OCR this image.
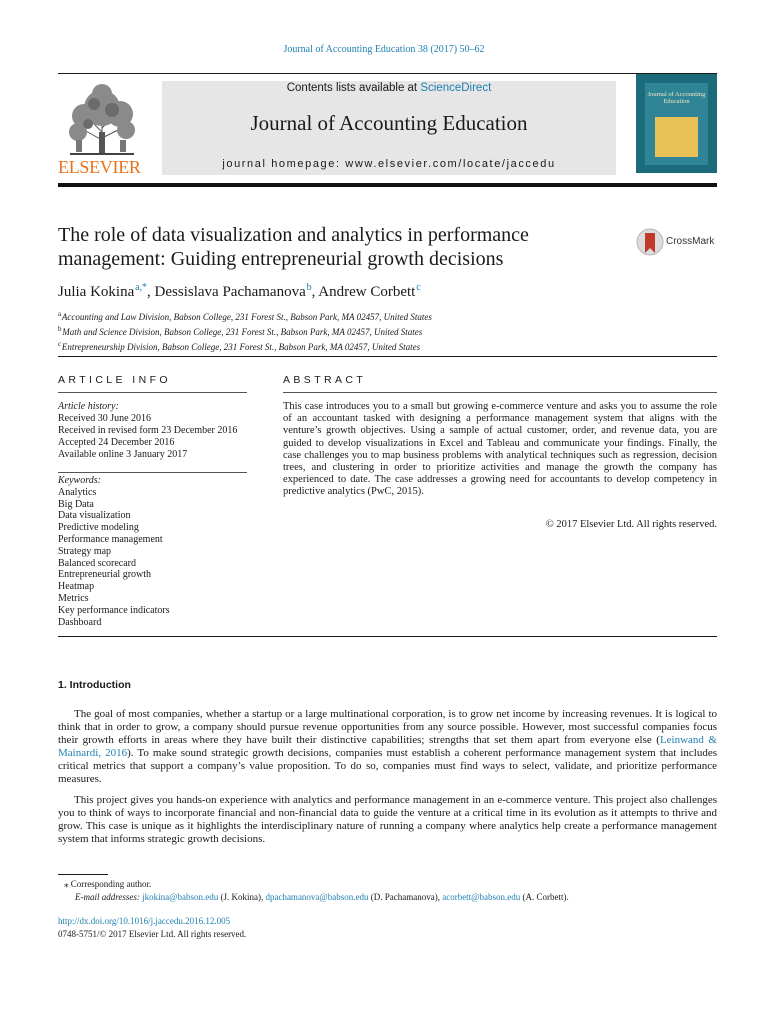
Journal of Accounting Education 38 (2017) 50–62
ELSEVIER
Contents lists available at ScienceDirect
Journal of Accounting Education
journal homepage: www.elsevier.com/locate/jaccedu
Journal of Accounting Education
The role of data visualization and analytics in performance
management: Guiding entrepreneurial growth decisions
CrossMark
Julia Kokina $^{a,*}$, Dessislava Pachamanova $^b$, Andrew Corbett $^c$
$^a$ Accounting and Law Division, Babson College, 231 Forest St., Babson Park, MA 02457, United States
$^b$ Math and Science Division, Babson College, 231 Forest St., Babson Park, MA 02457, United States
$^c$ Entrepreneurship Division, Babson College, 231 Forest St., Babson Park, MA 02457, United States
ARTICLE INFO
Article history:
Received 30 June 2016
Received in revised form 23 December 2016
Accepted 24 December 2016
Available online 3 January 2017
Keywords:
Analytics
Big Data
Data visualization
Predictive modeling
Performance management
Strategy map
Balanced scorecard
Entrepreneurial growth
Heatmap
Metrics
Key performance indicators
Dashboard
ABSTRACT
This case introduces you to a small but growing e-commerce venture and asks you to assume the role of an accountant tasked with designing a performance management system that aligns with the venture’s growth objectives. Using a sample of actual customer, order, and revenue data, you are guided to develop visualizations in Excel and Tableau and communicate your findings. Finally, the case challenges you to map business problems with analytical techniques such as regression, decision trees, and clustering in order to prioritize activities and manage the growth the company has experienced to date. The case addresses a growing need for accountants to develop competency in predictive analytics (PwC, 2015).
© 2017 Elsevier Ltd. All rights reserved.
1. Introduction
The goal of most companies, whether a startup or a large multinational corporation, is to grow net income by increasing revenues. It is logical to think that in order to grow, a company should pursue revenue opportunities from any source possible. However, most successful companies focus their growth efforts in areas where they have built their distinctive capabilities; strengths that set them apart from everyone else (Leinwand & Mainardi, 2016). To make sound strategic growth decisions, companies must establish a coherent performance management system that includes critical metrics that support a company’s value proposition. To do so, companies must find ways to select, validate, and prioritize performance measures.
This project gives you hands-on experience with analytics and performance management in an e-commerce venture. This project also challenges you to think of ways to incorporate financial and non-financial data to guide the venture at a critical time in its evolution as it attempts to thrive and grow. This case is unique as it highlights the interdisciplinary nature of running a company where analytics help create a performance management system that informs strategic growth decisions.
⁎ Corresponding author.
E-mail addresses: jkokina@babson.edu (J. Kokina), dpachamanova@babson.edu (D. Pachamanova), acorbett@babson.edu (A. Corbett).
http://dx.doi.org/10.1016/j.jaccedu.2016.12.005
0748-5751/© 2017 Elsevier Ltd. All rights reserved.
